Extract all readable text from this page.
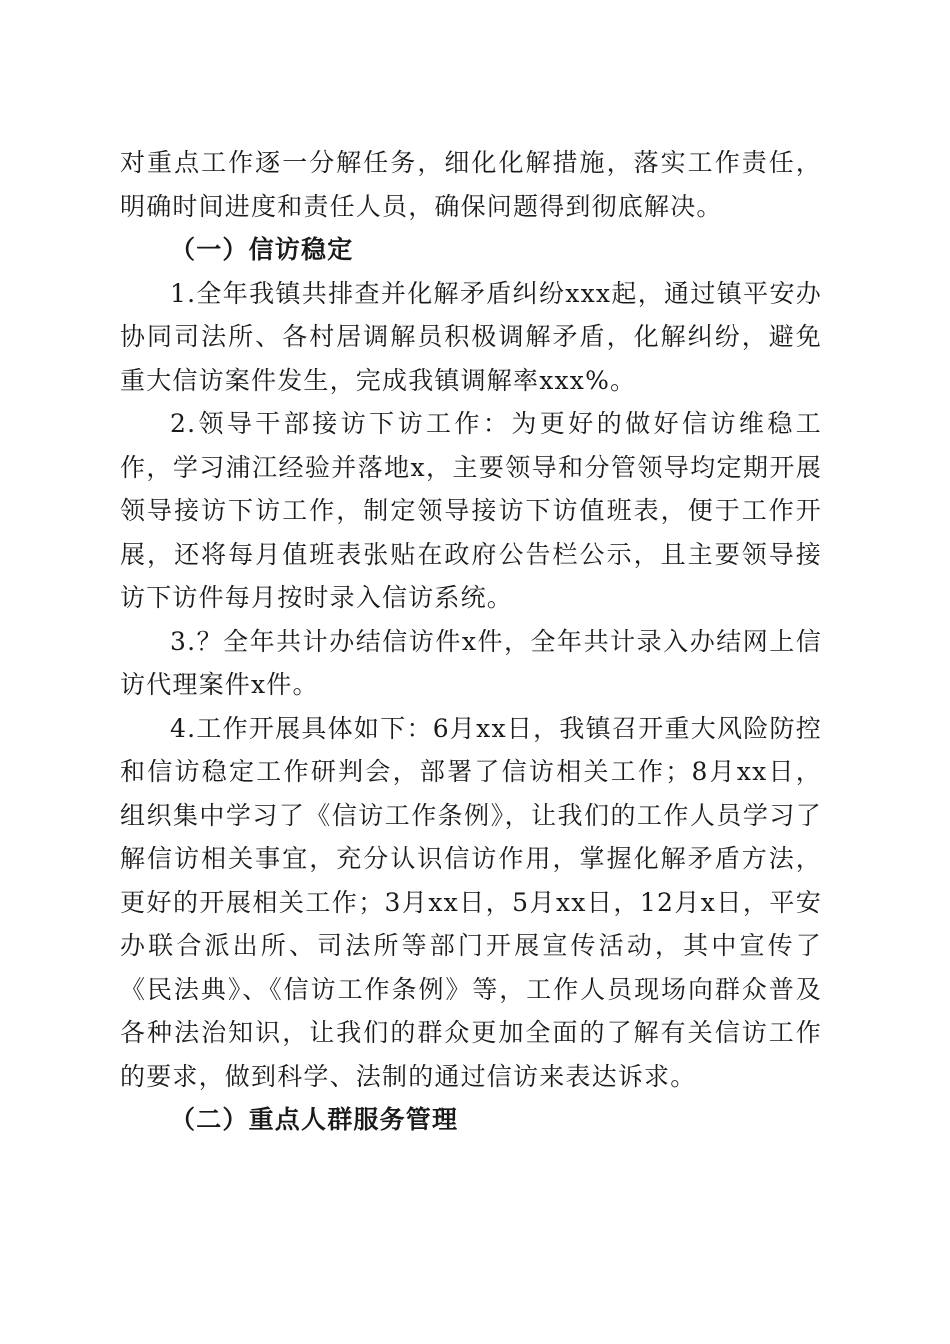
对重点工作逐一分解任务，细化化解措施，落实工作责任，明确时间进度和责任人员，确保问题得到彻底解决。

（一）信访稳定

1.全年我镇共排查并化解矛盾纠纷xxx起，通过镇平安办协同司法所、各村居调解员积极调解矛盾，化解纠纷，避免重大信访案件发生，完成我镇调解率xxx%。

2.领导干部接访下访工作：为更好的做好信访维稳工作，学习浦江经验并落地x，主要领导和分管领导均定期开展领导接访下访工作，制定领导接访下访值班表，便于工作开展，还将每月值班表张贴在政府公告栏公示，且主要领导接访下访件每月按时录入信访系统。

3.？全年共计办结信访件x件，全年共计录入办结网上信访代理案件x件。

4.工作开展具体如下：6月xx日，我镇召开重大风险防控和信访稳定工作研判会，部署了信访相关工作；8月xx日，组织集中学习了《信访工作条例》，让我们的工作人员学习了解信访相关事宜，充分认识信访作用，掌握化解矛盾方法，更好的开展相关工作；3月xx日，5月xx日，12月x日，平安办联合派出所、司法所等部门开展宣传活动，其中宣传了《民法典》、《信访工作条例》等，工作人员现场向群众普及各种法治知识，让我们的群众更加全面的了解有关信访工作的要求，做到科学、法制的通过信访来表达诉求。

（二）重点人群服务管理
